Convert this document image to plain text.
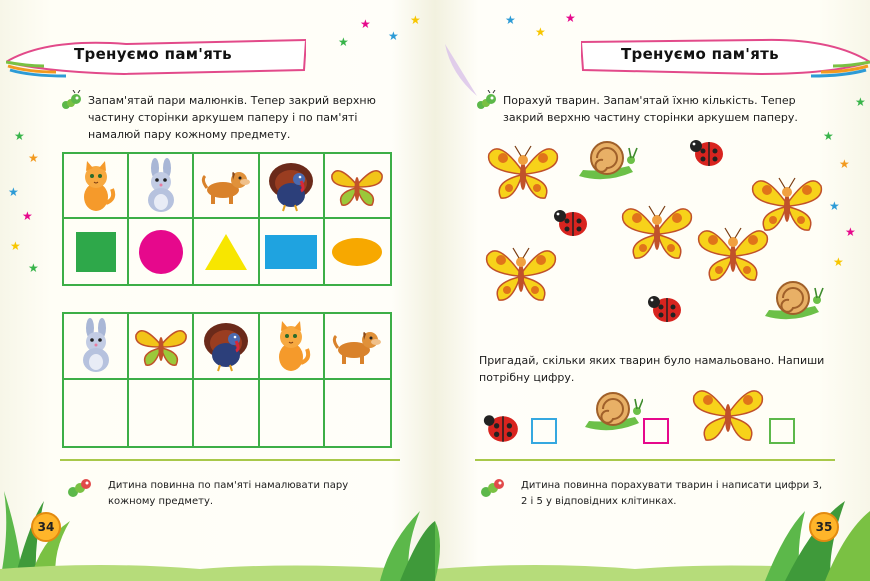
★
★
★
★
★
★
★
★
★
★
Тренуємо пам'ять
Запам'ятай пари малюнків. Тепер закрий верхню частину сторінки аркушем паперу і по пам'яті намалюй пару кожному предмету.
Дитина повинна по пам'яті намалювати пару кожному предмету.
34
★
★
★
★
★
★
★
★
★
Тренуємо пам'ять
Порахуй тварин. Запам'ятай їхню кількість. Тепер закрий верхню частину сторінки аркушем паперу.
Пригадай, скільки яких тварин було намальовано. Напиши потрібну цифру.
Дитина повинна порахувати тварин і написати цифри 3, 2 і 5 у відповідних клітинках.
35
